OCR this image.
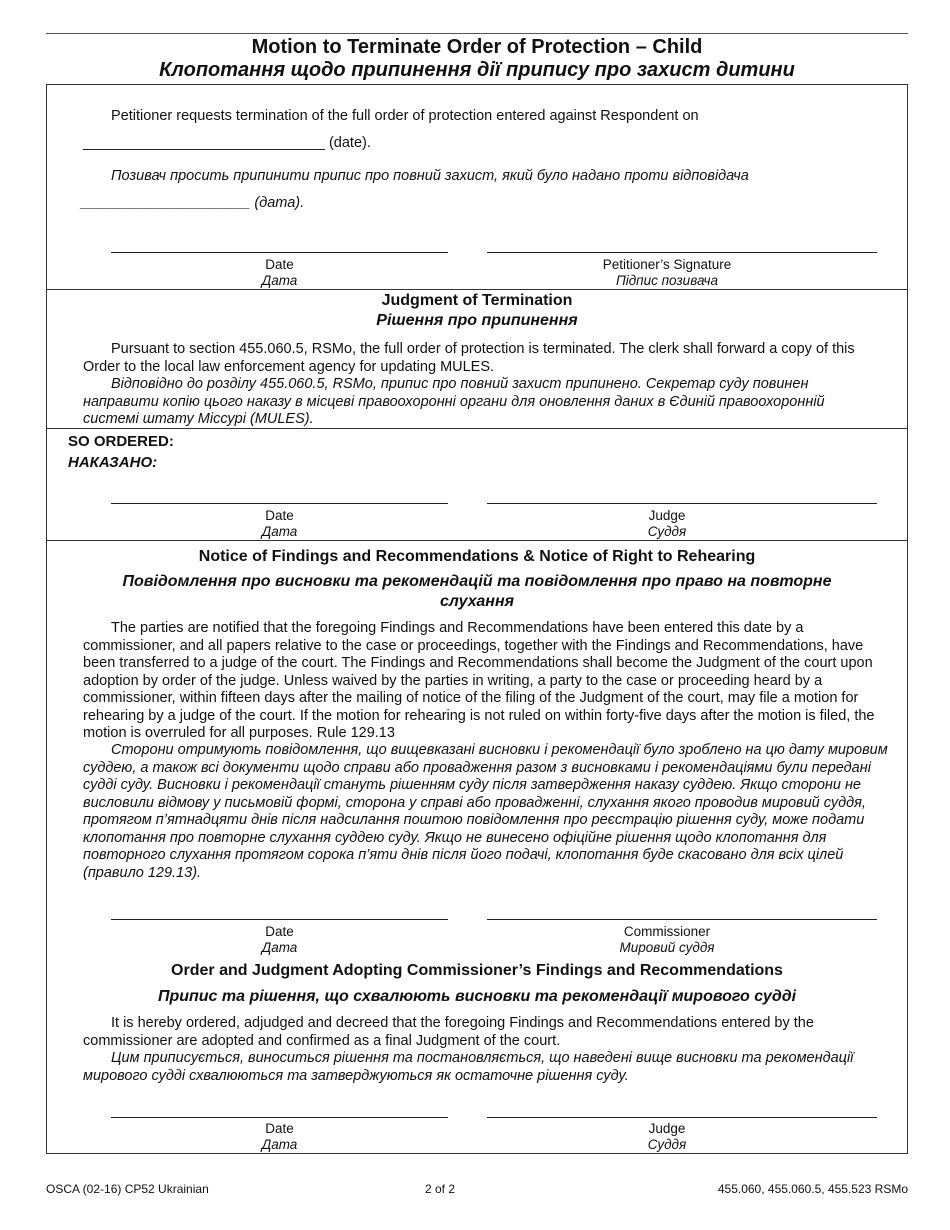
Motion to Terminate Order of Protection – Child
Клопотання щодо припинення дії припису про захист дитини
Petitioner requests termination of the full order of protection entered against Respondent on
______________________________ (date).
Позивач просить припинити припис про повний захист, який було надано проти відповідача
_____________________ (дата).
Date
Дата
Petitioner’s Signature
Підпис позивача
Judgment of Termination
Рішення про припинення
Pursuant to section 455.060.5, RSMo, the full order of protection is terminated. The clerk shall forward a copy of this Order to the local law enforcement agency for updating MULES.
Відповідно до розділу 455.060.5, RSMo, припис про повний захист припинено. Секретар суду повинен направити копію цього наказу в місцеві правоохоронні органи для оновлення даних в Єдиній правоохоронній системі штату Міссурі (MULES).
SO ORDERED:
НАКАЗАНО:
Date
Дата
Judge
Суддя
Notice of Findings and Recommendations & Notice of Right to Rehearing
Повідомлення про висновки та рекомендацій та повідомлення про право на повторне слухання
The parties are notified that the foregoing Findings and Recommendations have been entered this date by a commissioner, and all papers relative to the case or proceedings, together with the Findings and Recommendations, have been transferred to a judge of the court. The Findings and Recommendations shall become the Judgment of the court upon adoption by order of the judge. Unless waived by the parties in writing, a party to the case or proceeding heard by a commissioner, within fifteen days after the mailing of notice of the filing of the Judgment of the court, may file a motion for rehearing by a judge of the court. If the motion for rehearing is not ruled on within forty-five days after the motion is filed, the motion is overruled for all purposes. Rule 129.13
Сторони отримують повідомлення, що вищевказані висновки і рекомендації було зроблено на цю дату мировим суддею, а також всі документи щодо справи або провадження разом з висновками і рекомендаціями були передані судді суду. Висновки і рекомендації стануть рішенням суду після затвердження наказу суддею. Якщо сторони не висловили відмову у письмовій формі, сторона у справі або провадженні, слухання якого проводив мировий суддя, протягом п’ятнадцяти днів після надсилання поштою повідомлення про реєстрацію рішення суду, може подати клопотання про повторне слухання суддею суду. Якщо не винесено офіційне рішення щодо клопотання для повторного слухання протягом сорока п’яти днів після його подачі, клопотання буде скасовано для всіх цілей (правило 129.13).
Date
Дата
Commissioner
Мировий суддя
Order and Judgment Adopting Commissioner’s Findings and Recommendations
Припис та рішення, що схвалюють висновки та рекомендації мирового судді
It is hereby ordered, adjudged and decreed that the foregoing Findings and Recommendations entered by the commissioner are adopted and confirmed as a final Judgment of the court.
Цим приписується, виноситься рішення та постановляється, що наведені вище висновки та рекомендації мирового судді схвалюються та затверджуються як остаточне рішення суду.
Date
Дата
Judge
Суддя
OSCA (02-16) CP52 Ukrainian	2 of 2	455.060, 455.060.5, 455.523 RSMo
